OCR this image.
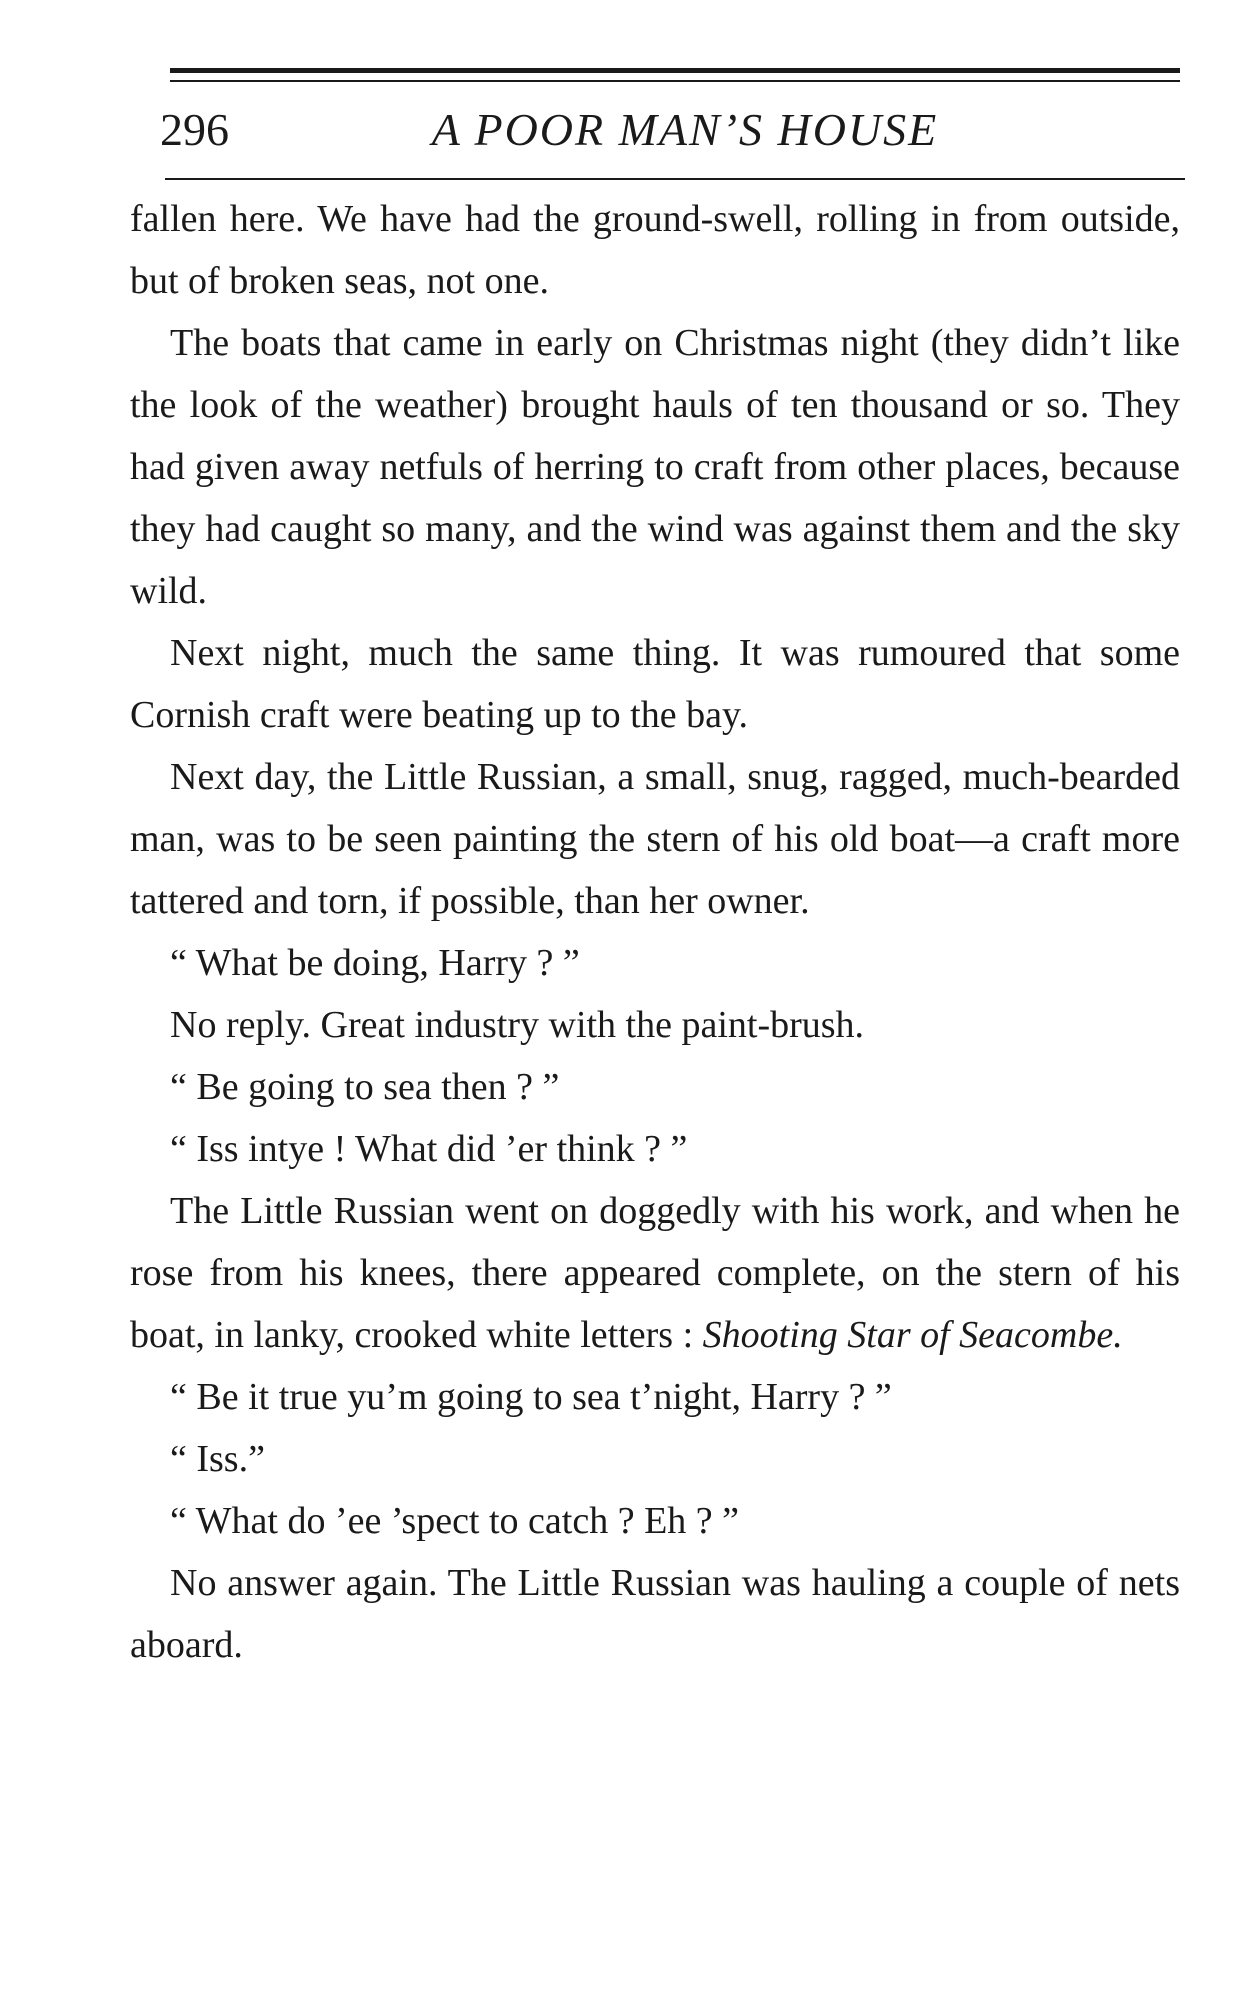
296	A POOR MAN’S HOUSE

fallen here. We have had the ground-swell, rolling in from outside, but of broken seas, not one.

The boats that came in early on Christmas night (they didn’t like the look of the weather) brought hauls of ten thousand or so. They had given away netfuls of herring to craft from other places, because they had caught so many, and the wind was against them and the sky wild.

Next night, much the same thing. It was rumoured that some Cornish craft were beating up to the bay.

Next day, the Little Russian, a small, snug, ragged, much-bearded man, was to be seen painting the stern of his old boat—a craft more tattered and torn, if possible, than her owner.

“ What be doing, Harry ? ”

No reply. Great industry with the paint-brush.

“ Be going to sea then ? ”

“ Iss intye ! What did ’er think ? ”

The Little Russian went on doggedly with his work, and when he rose from his knees, there appeared complete, on the stern of his boat, in lanky, crooked white letters : Shooting Star of Seacombe.

“ Be it true yu’m going to sea t’night, Harry ? ”

“ Iss.”

“ What do ’ee ’spect to catch ? Eh ? ”

No answer again. The Little Russian was hauling a couple of nets aboard.
